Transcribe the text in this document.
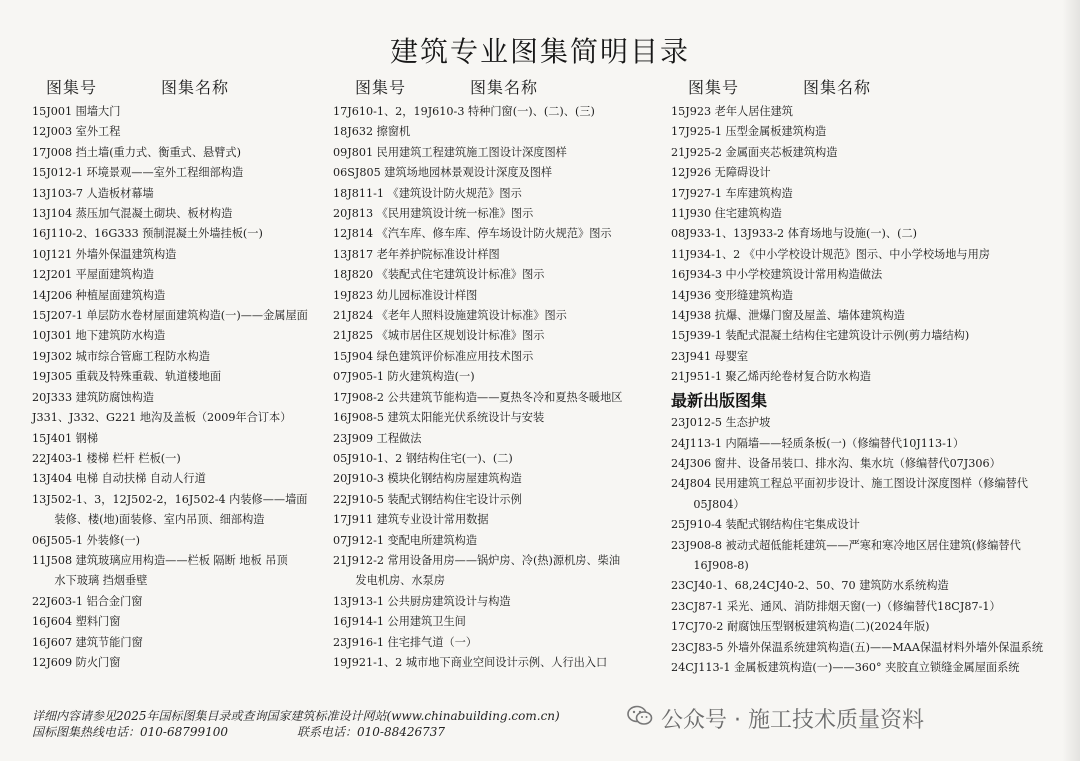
建筑专业图集简明目录
图集号	图集名称	图集号	图集名称	图集号	图集名称
15J001 围墙大门
12J003 室外工程
17J008 挡土墙(重力式、衡重式、悬臂式)
15J012-1 环境景观——室外工程细部构造
13J103-7 人造板材幕墙
13J104 蒸压加气混凝土砌块、板材构造
16J110-2、16G333 预制混凝土外墙挂板(一)
10J121 外墙外保温建筑构造
12J201 平屋面建筑构造
14J206 种植屋面建筑构造
15J207-1 单层防水卷材屋面建筑构造(一)——金属屋面
10J301 地下建筑防水构造
19J302 城市综合管廊工程防水构造
19J305 重载及特殊重载、轨道楼地面
20J333 建筑防腐蚀构造
J331、J332、G221 地沟及盖板（2009年合订本）
15J401 钢梯
22J403-1 楼梯 栏杆 栏板(一)
13J404 电梯 自动扶梯 自动人行道
13J502-1、3，12J502-2，16J502-4 内装修——墙面
　　装修、楼(地)面装修、室内吊顶、细部构造
06J505-1 外装修(一)
11J508 建筑玻璃应用构造——栏板 隔断 地板 吊顶
　　水下玻璃 挡烟垂壁
22J603-1 铝合金门窗
16J604 塑料门窗
16J607 建筑节能门窗
12J609 防火门窗
17J610-1、2，19J610-3 特种门窗(一)、(二)、(三)
18J632 擦窗机
09J801 民用建筑工程建筑施工图设计深度图样
06SJ805 建筑场地园林景观设计深度及图样
18J811-1 《建筑设计防火规范》图示
20J813 《民用建筑设计统一标准》图示
12J814 《汽车库、修车库、停车场设计防火规范》图示
13J817 老年养护院标准设计样图
18J820 《装配式住宅建筑设计标准》图示
19J823 幼儿园标准设计样图
21J824 《老年人照料设施建筑设计标准》图示
21J825 《城市居住区规划设计标准》图示
15J904 绿色建筑评价标准应用技术图示
07J905-1 防火建筑构造(一)
17J908-2 公共建筑节能构造——夏热冬冷和夏热冬暖地区
16J908-5 建筑太阳能光伏系统设计与安装
23J909 工程做法
05J910-1、2 钢结构住宅(一)、(二)
20J910-3 模块化钢结构房屋建筑构造
22J910-5 装配式钢结构住宅设计示例
17J911 建筑专业设计常用数据
07J912-1 变配电所建筑构造
21J912-2 常用设备用房——锅炉房、冷(热)源机房、柴油
　　发电机房、水泵房
13J913-1 公共厨房建筑设计与构造
16J914-1 公用建筑卫生间
23J916-1 住宅排气道（一）
19J921-1、2 城市地下商业空间设计示例、人行出入口
15J923 老年人居住建筑
17J925-1 压型金属板建筑构造
21J925-2 金属面夹芯板建筑构造
12J926 无障碍设计
17J927-1 车库建筑构造
11J930 住宅建筑构造
08J933-1、13J933-2 体育场地与设施(一)、(二)
11J934-1、2 《中小学校设计规范》图示、中小学校场地与用房
16J934-3 中小学校建筑设计常用构造做法
14J936 变形缝建筑构造
14J938 抗爆、泄爆门窗及屋盖、墙体建筑构造
15J939-1 装配式混凝土结构住宅建筑设计示例(剪力墙结构)
23J941 母婴室
21J951-1 聚乙烯丙纶卷材复合防水构造
最新出版图集
23J012-5 生态护坡
24J113-1 内隔墙——轻质条板(一)（修编替代10J113-1）
24J306 窗井、设备吊装口、排水沟、集水坑（修编替代07J306）
24J804 民用建筑工程总平面初步设计、施工图设计深度图样（修编替代
　　05J804）
25J910-4 装配式钢结构住宅集成设计
23J908-8 被动式超低能耗建筑——严寒和寒冷地区居住建筑(修编替代
　　16J908-8)
23CJ40-1、68,24CJ40-2、50、70 建筑防水系统构造
23CJ87-1 采光、通风、消防排烟天窗(一)（修编替代18CJ87-1）
17CJ70-2 耐腐蚀压型钢板建筑构造(二)(2024年版)
23CJ83-5 外墙外保温系统建筑构造(五)——MAA保温材料外墙外保温系统
24CJ113-1 金属板建筑构造(一)——360° 夹胶直立锁缝金属屋面系统
详细内容请参见2025年国标图集目录或查询国家建筑标准设计网站(www.chinabuilding.com.cn)
国标图集热线电话：010-68799100	联系电话：010-88426737	公众号 · 施工技术质量资料
